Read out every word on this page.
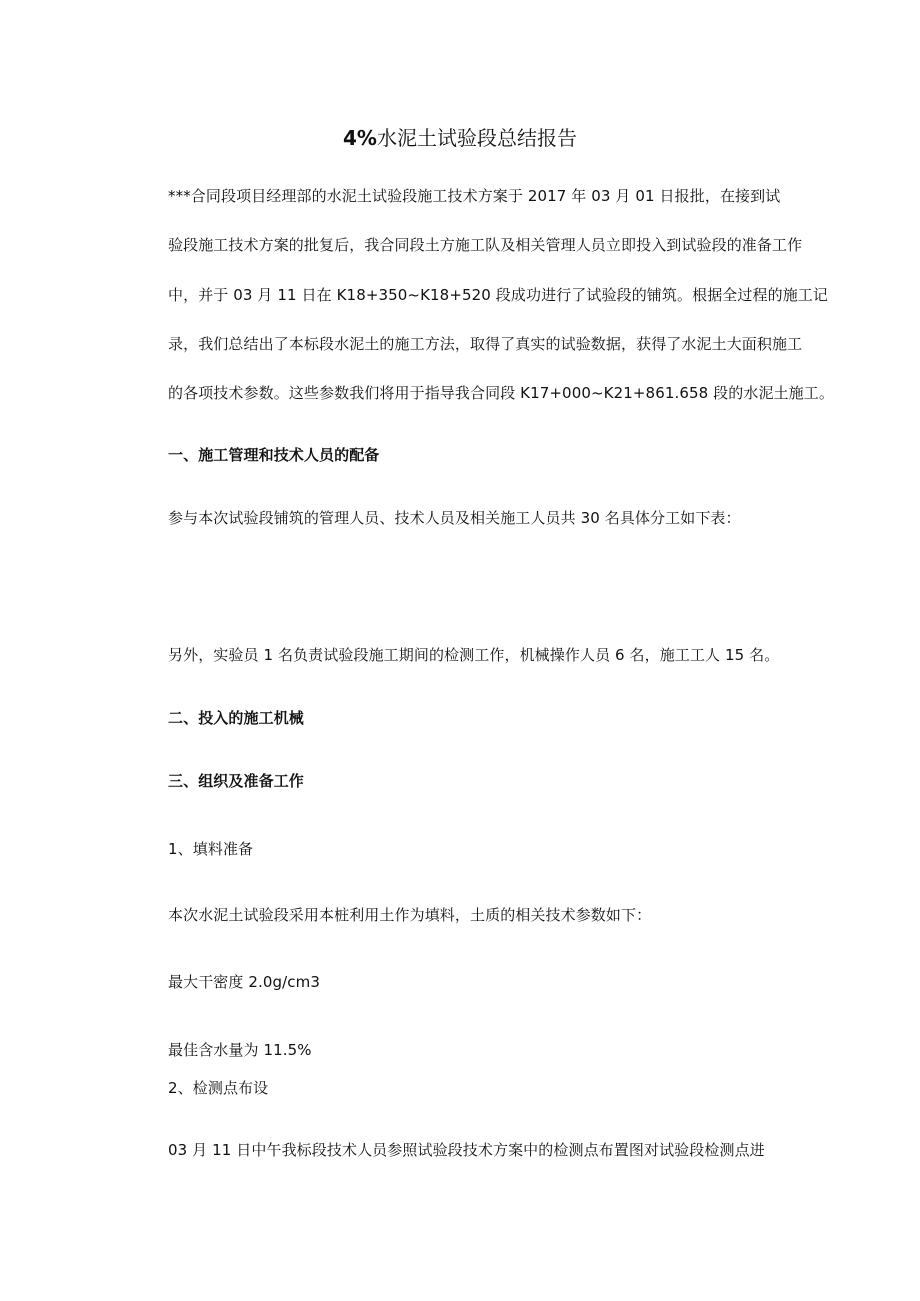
4%水泥土试验段总结报告
***合同段项目经理部的水泥土试验段施工技术方案于 2017 年 03 月 01 日报批，在接到试
验段施工技术方案的批复后，我合同段土方施工队及相关管理人员立即投入到试验段的准备工作
中，并于 03 月 11 日在 K18+350~K18+520 段成功进行了试验段的铺筑。根据全过程的施工记
录，我们总结出了本标段水泥土的施工方法，取得了真实的试验数据，获得了水泥土大面积施工
的各项技术参数。这些参数我们将用于指导我合同段 K17+000~K21+861.658 段的水泥土施工。
一、施工管理和技术人员的配备
参与本次试验段铺筑的管理人员、技术人员及相关施工人员共 30 名具体分工如下表：
另外，实验员 1 名负责试验段施工期间的检测工作，机械操作人员 6 名，施工工人 15 名。
二、投入的施工机械
三、组织及准备工作
1、填料准备
本次水泥土试验段采用本桩利用土作为填料，土质的相关技术参数如下：
最大干密度 2.0g/cm3
最佳含水量为 11.5%
2、检测点布设
03 月 11 日中午我标段技术人员参照试验段技术方案中的检测点布置图对试验段检测点进
